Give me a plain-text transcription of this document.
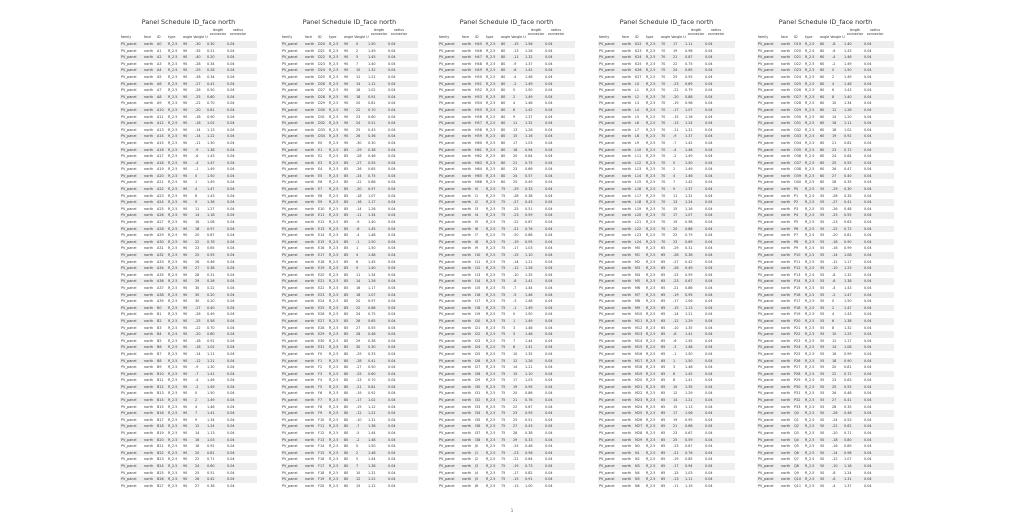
Panel Schedule ID_face north
family	face ID type angle V angle U
length connector
radius connector
PV_panel north A0 R_2.5 90 -30 0.30	0.04
PV_panel north A1 R_2.5 90 -35 0.21	0.04
PV_panel north A2 R_2.5 90 -40 0.20	0.04
PV_panel north A3 R_2.5 90 -28 0.34	0.04
PV_panel north A4 R_2.5 90 -29 0.28	0.04
PV_panel north A5 R_2.5 90 -28 0.34	0.04
PV_panel north A6 R_2.5 90 -27 0.41	0.04
PV_panel north A7 R_2.5 90 -26 0.50	0.04
PV_panel north A8 R_2.5 90 -25 0.60	0.04
PV_panel north A9 R_2.5 90 -22 0.70	0.04
PV_panel north A10 R_2.5 90 -20 0.81	0.04
PV_panel north A11 R_2.5 90 -18 0.90	0.04
PV_panel north A12 R_2.5 90 -16 1.02	0.04
PV_panel north A13 R_2.5 90 -14 1.13	0.04
PV_panel north A14 R_2.5 90 -14 1.22	0.04
PV_panel north A15 R_2.5 90 -11 1.30	0.04
PV_panel north A16 R_2.5 90 -9	1.38	0.04
PV_panel north A17 R_2.5 90 -6	1.43	0.04
PV_panel north A18 R_2.5 90 -4	1.47	0.04
PV_panel north A19 R_2.5 90 -1	1.49	0.04
PV_panel north A20 R_2.5 90 0	1.50	0.04
PV_panel north A21 R_2.5 90 1	1.49	0.04
PV_panel north A22 R_2.5 90 4	1.47	0.04
PV_panel north A23 R_2.5 90 6	1.43	0.04
PV_panel north A24 R_2.5 90 9	1.36	0.04
PV_panel north A25 R_2.5 90 11 1.27	0.04
PV_panel north A26 R_2.5 90 14 1.18	0.04
PV_panel north A27 R_2.5 90 16 1.08	0.04
PV_panel north A28 R_2.5 90 18 0.97	0.04
PV_panel north A29 R_2.5 90 20 0.87	0.04
PV_panel north A30 R_2.5 90 22 0.76	0.04
PV_panel north A31 R_2.5 90 23 0.65	0.04
PV_panel north A32 R_2.5 90 25 0.55	0.04
PV_panel north A33 R_2.5 90 26 0.46	0.04
PV_panel north A34 R_2.5 90 27 0.38	0.04
PV_panel north A35 R_2.5 90 28 0.31	0.04
PV_panel north A36 R_2.5 90 29 0.26	0.04
PV_panel north A37 R_2.5 90 30 0.22	0.04
PV_panel north A38 R_2.5 90 30 0.20	0.04
PV_panel north A39 R_2.5 90 30 0.20	0.04
PV_panel north B0 R_2.5 90 -27 0.40	0.04
PV_panel north B1 R_2.5 90 -26 0.49	0.04
PV_panel north B2 R_2.5 90 -25 0.58	0.04
PV_panel north B3 R_2.5 90 -22 0.70	0.04
PV_panel north B4 R_2.5 90 -20 0.80	0.04
PV_panel north B5 R_2.5 90 -18 0.91	0.04
PV_panel north B6 R_2.5 90 -16 1.02	0.04
PV_panel north B7 R_2.5 90 -14 1.11	0.04
PV_panel north B8 R_2.5 90 -12 1.21	0.04
PV_panel north B9 R_2.5 90 -9	1.30	0.04
PV_panel north B10 R_2.5 90 -7	1.41	0.04
PV_panel north B11 R_2.5 90 -4	1.46	0.04
PV_panel north B12 R_2.5 90 -2	1.49	0.04
PV_panel north B13 R_2.5 90 0	1.50	0.04
PV_panel north B14 R_2.5 90 2	1.49	0.04
PV_panel north B15 R_2.5 90 4	1.46	0.04
PV_panel north B16 R_2.5 90 7	1.41	0.04
PV_panel north B17 R_2.5 90 9	1.34	0.04
PV_panel north B18 R_2.5 90 12 1.24	0.04
PV_panel north B19 R_2.5 90 14 1.13	0.04
PV_panel north B20 R_2.5 90 16 1.03	0.04
PV_panel north B21 R_2.5 90 18 0.92	0.04
PV_panel north B22 R_2.5 90 20 0.81	0.04
PV_panel north B23 R_2.5 90 22 0.71	0.04
PV_panel north B24 R_2.5 90 24 0.60	0.04
PV_panel north B25 R_2.5 90 25 0.51	0.04
PV_panel north B26 R_2.5 90 26 0.42	0.04
PV_panel north B27 R_2.5 90 27 0.36	0.04
Panel Schedule ID_face north
family	face ID type angle V angle U
length connector
radius connector
PV_panel north D20 R_2.5 90 0	1.50	0.04
PV_panel north D21 R_2.5 90 2	1.49	0.04
PV_panel north D22 R_2.5 90 5	1.45	0.04
PV_panel north D23 R_2.5 90 7	1.40	0.04
PV_panel north D24 R_2.5 90 10 1.32	0.04
PV_panel north D25 R_2.5 90 12 1.22	0.04
PV_panel north D26 R_2.5 90 14 1.12	0.04
PV_panel north D27 R_2.5 90 16 1.02	0.04
PV_panel north D28 R_2.5 90 18 0.91	0.04
PV_panel north D29 R_2.5 90 20 0.81	0.04
PV_panel north D30 R_2.5 90 22 0.70	0.04
PV_panel north D31 R_2.5 90 23 0.60	0.04
PV_panel north D32 R_2.5 90 24 0.51	0.04
PV_panel north D33 R_2.5 90 25 0.43	0.04
PV_panel north D34 R_2.5 90 26 0.36	0.04
PV_panel north E0 R_2.5 90 -30 0.30	0.04
PV_panel north E1 R_2.5 85 -29 0.38	0.04
PV_panel north E2 R_2.5 85 -28 0.46	0.04
PV_panel north E3 R_2.5 85 -27 0.55	0.04
PV_panel north E4 R_2.5 85 -26 0.65	0.04
PV_panel north E5 R_2.5 85 -24 0.75	0.04
PV_panel north E6 R_2.5 85 -22 0.86	0.04
PV_panel north E7 R_2.5 85 -20 0.97	0.04
PV_panel north E8 R_2.5 85 -18 1.07	0.04
PV_panel north E9 R_2.5 85 -16 1.17	0.04
PV_panel north E10 R_2.5 85 -14 1.26	0.04
PV_panel north E11 R_2.5 85 -11 1.34	0.04
PV_panel north E12 R_2.5 85 -9	1.40	0.04
PV_panel north E13 R_2.5 85 -6	1.45	0.04
PV_panel north E14 R_2.5 85 -4	1.48	0.04
PV_panel north E15 R_2.5 85 -1	1.50	0.04
PV_panel north E16 R_2.5 85 1	1.50	0.04
PV_panel north E17 R_2.5 85 4	1.48	0.04
PV_panel north E18 R_2.5 85 6	1.45	0.04
PV_panel north E19 R_2.5 85 9	1.40	0.04
PV_panel north E20 R_2.5 85 11 1.34	0.04
PV_panel north E21 R_2.5 85 14 1.26	0.04
PV_panel north E22 R_2.5 85 16 1.17	0.04
PV_panel north E23 R_2.5 85 18 1.07	0.04
PV_panel north E24 R_2.5 85 20 0.97	0.04
PV_panel north E25 R_2.5 85 22 0.86	0.04
PV_panel north E26 R_2.5 85 24 0.75	0.04
PV_panel north E27 R_2.5 85 26 0.65	0.04
PV_panel north E28 R_2.5 85 27 0.55	0.04
PV_panel north E29 R_2.5 85 28 0.46	0.04
PV_panel north E30 R_2.5 85 29 0.38	0.04
PV_panel north E31 R_2.5 85 30 0.30	0.04
PV_panel north F0 R_2.5 80 -29 0.33	0.04
PV_panel north F1 R_2.5 80 -28 0.41	0.04
PV_panel north F2 R_2.5 80 -27 0.50	0.04
PV_panel north F3 R_2.5 80 -25 0.60	0.04
PV_panel north F4 R_2.5 80 -23 0.70	0.04
PV_panel north F5 R_2.5 80 -21 0.81	0.04
PV_panel north F6 R_2.5 80 -19 0.92	0.04
PV_panel north F7 R_2.5 80 -17 1.02	0.04
PV_panel north F8 R_2.5 80 -15 1.12	0.04
PV_panel north F9 R_2.5 80 -12 1.22	0.04
PV_panel north F10 R_2.5 80 -10 1.31	0.04
PV_panel north F11 R_2.5 80 -7	1.38	0.04
PV_panel north F12 R_2.5 80 -5	1.44	0.04
PV_panel north F13 R_2.5 80 -2	1.48	0.04
PV_panel north F14 R_2.5 80 0	1.50	0.04
PV_panel north F15 R_2.5 80 2	1.48	0.04
PV_panel north F16 R_2.5 80 5	1.44	0.04
PV_panel north F17 R_2.5 80 7	1.38	0.04
PV_panel north F18 R_2.5 80 10 1.31	0.04
PV_panel north F19 R_2.5 80 12 1.22	0.04
PV_panel north F20 R_2.5 80 15 1.12	0.04
Panel Schedule ID_face north
family	face ID type angle V angle U
length connector
radius connector
PV_panel north H45 R_2.5 80 -15 1.56	0.04
PV_panel north H46 R_2.5 80 -13 1.26	0.04
PV_panel north H47 R_2.5 80 -11 1.32	0.04
PV_panel north H48 R_2.5 80 -9	1.37	0.04
PV_panel north H49 R_2.5 80 -6	1.42	0.04
PV_panel north H50 R_2.5 80 -4	1.46	0.04
PV_panel north H51 R_2.5 80 -2	1.49	0.04
PV_panel north H52 R_2.5 80 0	1.50	0.04
PV_panel north H53 R_2.5 80 2	1.49	0.04
PV_panel north H54 R_2.5 80 4	1.46	0.04
PV_panel north H55 R_2.5 80 6	1.42	0.04
PV_panel north H56 R_2.5 80 9	1.37	0.04
PV_panel north H57 R_2.5 80 11 1.32	0.04
PV_panel north H58 R_2.5 80 13 1.26	0.04
PV_panel north H59 R_2.5 80 15 1.16	0.04
PV_panel north H60 R_2.5 80 17 1.03	0.04
PV_panel north H61 R_2.5 80 18 0.94	0.04
PV_panel north H62 R_2.5 80 20 0.84	0.04
PV_panel north H63 R_2.5 80 21 0.75	0.04
PV_panel north H64 R_2.5 80 23 0.66	0.04
PV_panel north H65 R_2.5 80 24 0.57	0.04
PV_panel north H66 R_2.5 80 25 0.49	0.04
PV_panel north I0 R_2.5 75 -29 0.33	0.04
PV_panel north I1 R_2.5 75 -28 0.38	0.04
PV_panel north I2 R_2.5 75 -27 0.43	0.04
PV_panel north I3 R_2.5 75 -25 0.51	0.04
PV_panel north I4 R_2.5 75 -23 0.59	0.04
PV_panel north I5 R_2.5 75 -22 0.67	0.04
PV_panel north I6 R_2.5 75 -21 0.76	0.04
PV_panel north I7 R_2.5 75 -20 0.86	0.04
PV_panel north I8 R_2.5 75 -19 0.95	0.04
PV_panel north I9 R_2.5 75 -17 1.03	0.04
PV_panel north I10 R_2.5 75 -15 1.10	0.04
PV_panel north I11 R_2.5 75 -14 1.21	0.04
PV_panel north I12 R_2.5 75 -12 1.26	0.04
PV_panel north I13 R_2.5 75 -10 1.35	0.04
PV_panel north I14 R_2.5 75 -8	1.41	0.04
PV_panel north I15 R_2.5 75 -7	1.44	0.04
PV_panel north I16 R_2.5 75 -5	1.46	0.04
PV_panel north I17 R_2.5 75 -3	1.48	0.04
PV_panel north I18 R_2.5 75 -1	1.49	0.04
PV_panel north I19 R_2.5 75 0	1.50	0.04
PV_panel north I20 R_2.5 75 1	1.49	0.04
PV_panel north I21 R_2.5 75 3	1.48	0.04
PV_panel north I22 R_2.5 75 5	1.46	0.04
PV_panel north I23 R_2.5 75 7	1.44	0.04
PV_panel north I24 R_2.5 75 8	1.41	0.04
PV_panel north I25 R_2.5 75 10 1.35	0.04
PV_panel north I26 R_2.5 75 12 1.26	0.04
PV_panel north I27 R_2.5 75 14 1.21	0.04
PV_panel north I28 R_2.5 75 15 1.10	0.04
PV_panel north I29 R_2.5 75 17 1.03	0.04
PV_panel north I30 R_2.5 75 19 0.95	0.04
PV_panel north I31 R_2.5 75 20 0.86	0.04
PV_panel north I32 R_2.5 75 21 0.76	0.04
PV_panel north I33 R_2.5 75 22 0.67	0.04
PV_panel north I34 R_2.5 75 23 0.59	0.04
PV_panel north I35 R_2.5 75 25 0.51	0.04
PV_panel north I36 R_2.5 75 27 0.43	0.04
PV_panel north I37 R_2.5 75 28 0.38	0.04
PV_panel north I38 R_2.5 75 29 0.33	0.04
PV_panel north J0 R_2.5 75 -25 0.48	0.04
PV_panel north J1 R_2.5 75 -23 0.56	0.04
PV_panel north J2 R_2.5 75 -21 0.64	0.04
PV_panel north J3 R_2.5 75 -19 0.73	0.04
PV_panel north J4 R_2.5 75 -17 0.82	0.04
PV_panel north J5 R_2.5 75 -15 0.91	0.04
PV_panel north J6 R_2.5 75 -13 1.00	0.04
Panel Schedule ID_face north
family	face ID type angle V angle U
length connector
radius connector
PV_panel north K22 R_2.5 70 17 1.11	0.04
PV_panel north K23 R_2.5 70 19 0.98	0.04
PV_panel north K24 R_2.5 70 21 0.87	0.04
PV_panel north K25 R_2.5 70 22 0.75	0.04
PV_panel north K26 R_2.5 70 24 0.65	0.04
PV_panel north K27 R_2.5 70 25 0.55	0.04
PV_panel north L0 R_2.5 70 -23 0.69	0.04
PV_panel north L1 R_2.5 70 -22 0.79	0.04
PV_panel north L2 R_2.5 70 -20 0.88	0.04
PV_panel north L3 R_2.5 70 -19 0.98	0.04
PV_panel north L4 R_2.5 70 -17 1.07	0.04
PV_panel north L5 R_2.5 70 -15 1.16	0.04
PV_panel north L6 R_2.5 70 -13 1.24	0.04
PV_panel north L7 R_2.5 70 -11 1.31	0.04
PV_panel north L8 R_2.5 70 -9	1.37	0.04
PV_panel north L9 R_2.5 70 -7	1.42	0.04
PV_panel north L10 R_2.5 70 -4	1.46	0.04
PV_panel north L11 R_2.5 70 -2	1.49	0.04
PV_panel north L12 R_2.5 70 0	1.50	0.04
PV_panel north L13 R_2.5 70 2	1.49	0.04
PV_panel north L14 R_2.5 70 4	1.46	0.04
PV_panel north L15 R_2.5 70 7	1.42	0.04
PV_panel north L16 R_2.5 70 9	1.37	0.04
PV_panel north L17 R_2.5 70 11 1.31	0.04
PV_panel north L18 R_2.5 70 13 1.24	0.04
PV_panel north L19 R_2.5 70 15 1.16	0.04
PV_panel north L20 R_2.5 70 17 1.07	0.04
PV_panel north L21 R_2.5 70 19 0.98	0.04
PV_panel north L22 R_2.5 70 20 0.88	0.04
PV_panel north L23 R_2.5 70 22 0.79	0.04
PV_panel north L24 R_2.5 70 23 0.69	0.04
PV_panel north M0 R_2.5 65 -29 0.31	0.04
PV_panel north M1 R_2.5 65 -28 0.36	0.04
PV_panel north M2 R_2.5 65 -27 0.42	0.04
PV_panel north M3 R_2.5 65 -26 0.49	0.04
PV_panel north M4 R_2.5 65 -25 0.59	0.04
PV_panel north M5 R_2.5 65 -23 0.67	0.04
PV_panel north M6 R_2.5 65 -21 0.86	0.04
PV_panel north M7 R_2.5 65 -19 0.95	0.04
PV_panel north M8 R_2.5 65 -17 1.06	0.04
PV_panel north M9 R_2.5 65 -15 1.13	0.04
PV_panel north M10 R_2.5 65 -14 1.21	0.04
PV_panel north M11 R_2.5 65 -12 1.29	0.04
PV_panel north M12 R_2.5 65 -10 1.35	0.04
PV_panel north M13 R_2.5 65 -8	1.41	0.04
PV_panel north M14 R_2.5 65 -6	1.45	0.04
PV_panel north M15 R_2.5 65 -3	1.48	0.04
PV_panel north M16 R_2.5 65 -1	1.50	0.04
PV_panel north M17 R_2.5 65 1	1.50	0.04
PV_panel north M18 R_2.5 65 3	1.48	0.04
PV_panel north M19 R_2.5 65 6	1.45	0.04
PV_panel north M20 R_2.5 65 8	1.41	0.04
PV_panel north M21 R_2.5 65 10 1.35	0.04
PV_panel north M22 R_2.5 65 12 1.29	0.04
PV_panel north M23 R_2.5 65 14 1.21	0.04
PV_panel north M24 R_2.5 65 15 1.13	0.04
PV_panel north M25 R_2.5 65 17 1.06	0.04
PV_panel north M26 R_2.5 65 19 0.95	0.04
PV_panel north M27 R_2.5 65 21 0.86	0.04
PV_panel north M28 R_2.5 65 23 0.67	0.04
PV_panel north M29 R_2.5 65 25 0.59	0.04
PV_panel north N0 R_2.5 65 -23 0.67	0.04
PV_panel north N1 R_2.5 65 -21 0.76	0.04
PV_panel north N2 R_2.5 65 -19 0.85	0.04
PV_panel north N3 R_2.5 65 -17 0.94	0.04
PV_panel north N4 R_2.5 65 -15 1.03	0.04
PV_panel north N5 R_2.5 65 -13 1.11	0.04
PV_panel north N6 R_2.5 65 -11 1.19	0.04
Panel Schedule ID_face north
family	face ID type angle V angle U
length connector
radius connector
PV_panel north O19 R_2.5 60 -8	1.40	0.04
PV_panel north O20 R_2.5 60 -6	1.43	0.04
PV_panel north O21 R_2.5 60 -4	1.46	0.04
PV_panel north O22 R_2.5 60 -2	1.49	0.04
PV_panel north O23 R_2.5 60 0	1.50	0.04
PV_panel north O24 R_2.5 60 2	1.49	0.04
PV_panel north O25 R_2.5 60 4	1.46	0.04
PV_panel north O26 R_2.5 60 6	1.43	0.04
PV_panel north O27 R_2.5 60 8	1.40	0.04
PV_panel north O28 R_2.5 60 10 1.34	0.04
PV_panel north O29 R_2.5 60 12 1.28	0.04
PV_panel north O30 R_2.5 60 14 1.20	0.04
PV_panel north O31 R_2.5 60 16 1.11	0.04
PV_panel north O32 R_2.5 60 18 1.02	0.04
PV_panel north O33 R_2.5 60 19 0.92	0.04
PV_panel north O34 R_2.5 60 21 0.82	0.04
PV_panel north O35 R_2.5 60 23 0.72	0.04
PV_panel north O36 R_2.5 60 24 0.64	0.04
PV_panel north O37 R_2.5 60 25 0.55	0.04
PV_panel north O38 R_2.5 60 26 0.47	0.04
PV_panel north O39 R_2.5 60 27 0.40	0.04
PV_panel north O40 R_2.5 60 28 0.35	0.04
PV_panel north P0 R_2.5 55 -29 0.30	0.04
PV_panel north P1 R_2.5 55 -28 0.35	0.04
PV_panel north P2 R_2.5 55 -27 0.41	0.04
PV_panel north P3 R_2.5 55 -26 0.48	0.04
PV_panel north P4 R_2.5 55 -25 0.55	0.04
PV_panel north P5 R_2.5 55 -23 0.63	0.04
PV_panel north P6 R_2.5 55 -22 0.72	0.04
PV_panel north P7 R_2.5 55 -20 0.81	0.04
PV_panel north P8 R_2.5 55 -18 0.90	0.04
PV_panel north P9 R_2.5 55 -16 0.99	0.04
PV_panel north P10 R_2.5 55 -14 1.08	0.04
PV_panel north P11 R_2.5 55 -12 1.17	0.04
PV_panel north P12 R_2.5 55 -10 1.25	0.04
PV_panel north P13 R_2.5 55 -8	1.32	0.04
PV_panel north P14 R_2.5 55 -6	1.38	0.04
PV_panel north P15 R_2.5 55 -4	1.43	0.04
PV_panel north P16 R_2.5 55 -2	1.47	0.04
PV_panel north P17 R_2.5 55 0	1.50	0.04
PV_panel north P18 R_2.5 55 2	1.47	0.04
PV_panel north P19 R_2.5 55 4	1.43	0.04
PV_panel north P20 R_2.5 55 6	1.38	0.04
PV_panel north P21 R_2.5 55 8	1.32	0.04
PV_panel north P22 R_2.5 55 10 1.25	0.04
PV_panel north P23 R_2.5 55 12 1.17	0.04
PV_panel north P24 R_2.5 55 14 1.08	0.04
PV_panel north P25 R_2.5 55 16 0.99	0.04
PV_panel north P26 R_2.5 55 18 0.90	0.04
PV_panel north P27 R_2.5 55 20 0.81	0.04
PV_panel north P28 R_2.5 55 22 0.72	0.04
PV_panel north P29 R_2.5 55 23 0.63	0.04
PV_panel north P30 R_2.5 55 25 0.55	0.04
PV_panel north P31 R_2.5 55 26 0.48	0.04
PV_panel north P32 R_2.5 55 27 0.41	0.04
PV_panel north P33 R_2.5 55 28 0.35	0.04
PV_panel north Q0 R_2.5 50 -26 0.46	0.04
PV_panel north Q1 R_2.5 50 -24 0.53	0.04
PV_panel north Q2 R_2.5 50 -22 0.62	0.04
PV_panel north Q3 R_2.5 50 -20 0.71	0.04
PV_panel north Q4 R_2.5 50 -18 0.80	0.04
PV_panel north Q5 R_2.5 50 -16 0.89	0.04
PV_panel north Q6 R_2.5 50 -14 0.98	0.04
PV_panel north Q7 R_2.5 50 -12 1.07	0.04
PV_panel north Q8 R_2.5 50 -10 1.16	0.04
PV_panel north Q9 R_2.5 50 -8	1.24	0.04
PV_panel north Q10 R_2.5 50 -6	1.31	0.04
PV_panel north Q11 R_2.5 50 -4	1.37	0.04
1
